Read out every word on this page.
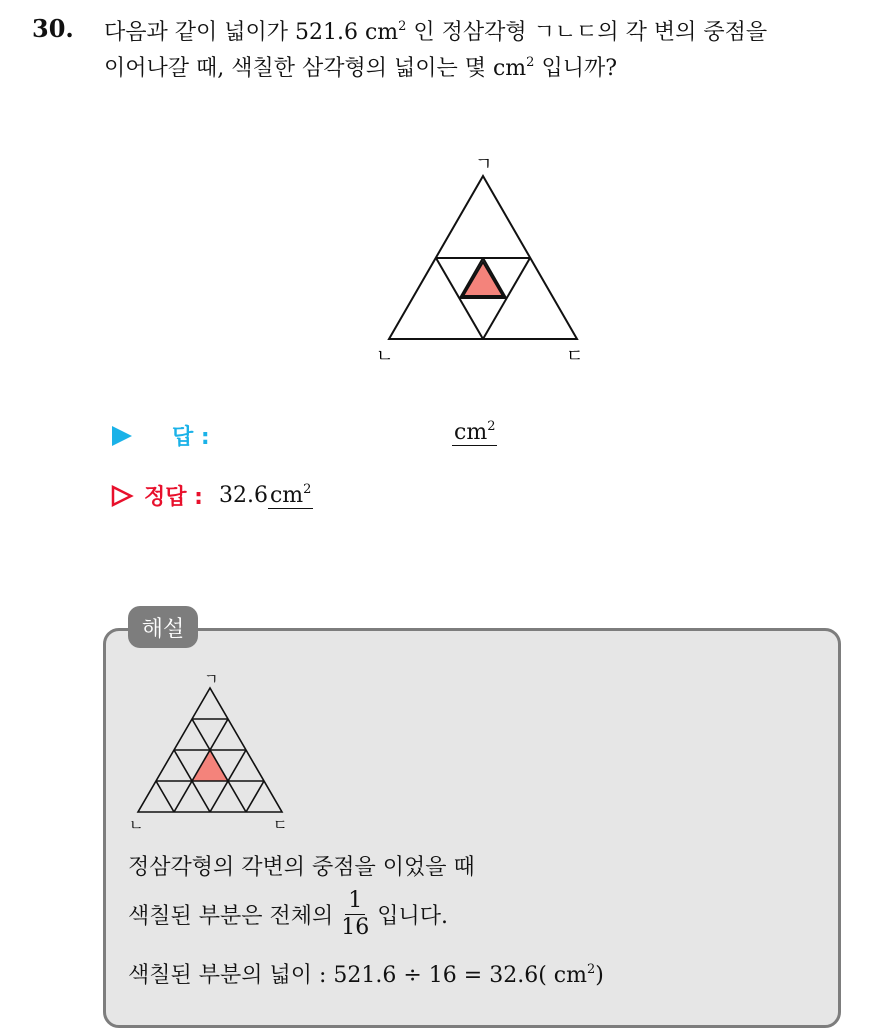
30. 다음과 같이 넓이가 521.6 $cm^2$ 인 정삼각형 ㄱㄴㄷ의 각 변의 중점을
이어나갈 때, 색칠한 삼각형의 넓이는 몇 $cm^2$ 입니까?
ㄱ
ㄴ	ㄷ
답 :	$cm^2$
정답 : 32.6 $cm^2$
해설
ㄱ
ㄴ	ㄷ
정삼각형의 각변의 중점을 이었을 때
색칠된 부분은 전체의 $\frac{1}{16}$ 입니다.
색칠된 부분의 넓이 : 521.6 ÷ 16 = 32.6( $cm^2$)
